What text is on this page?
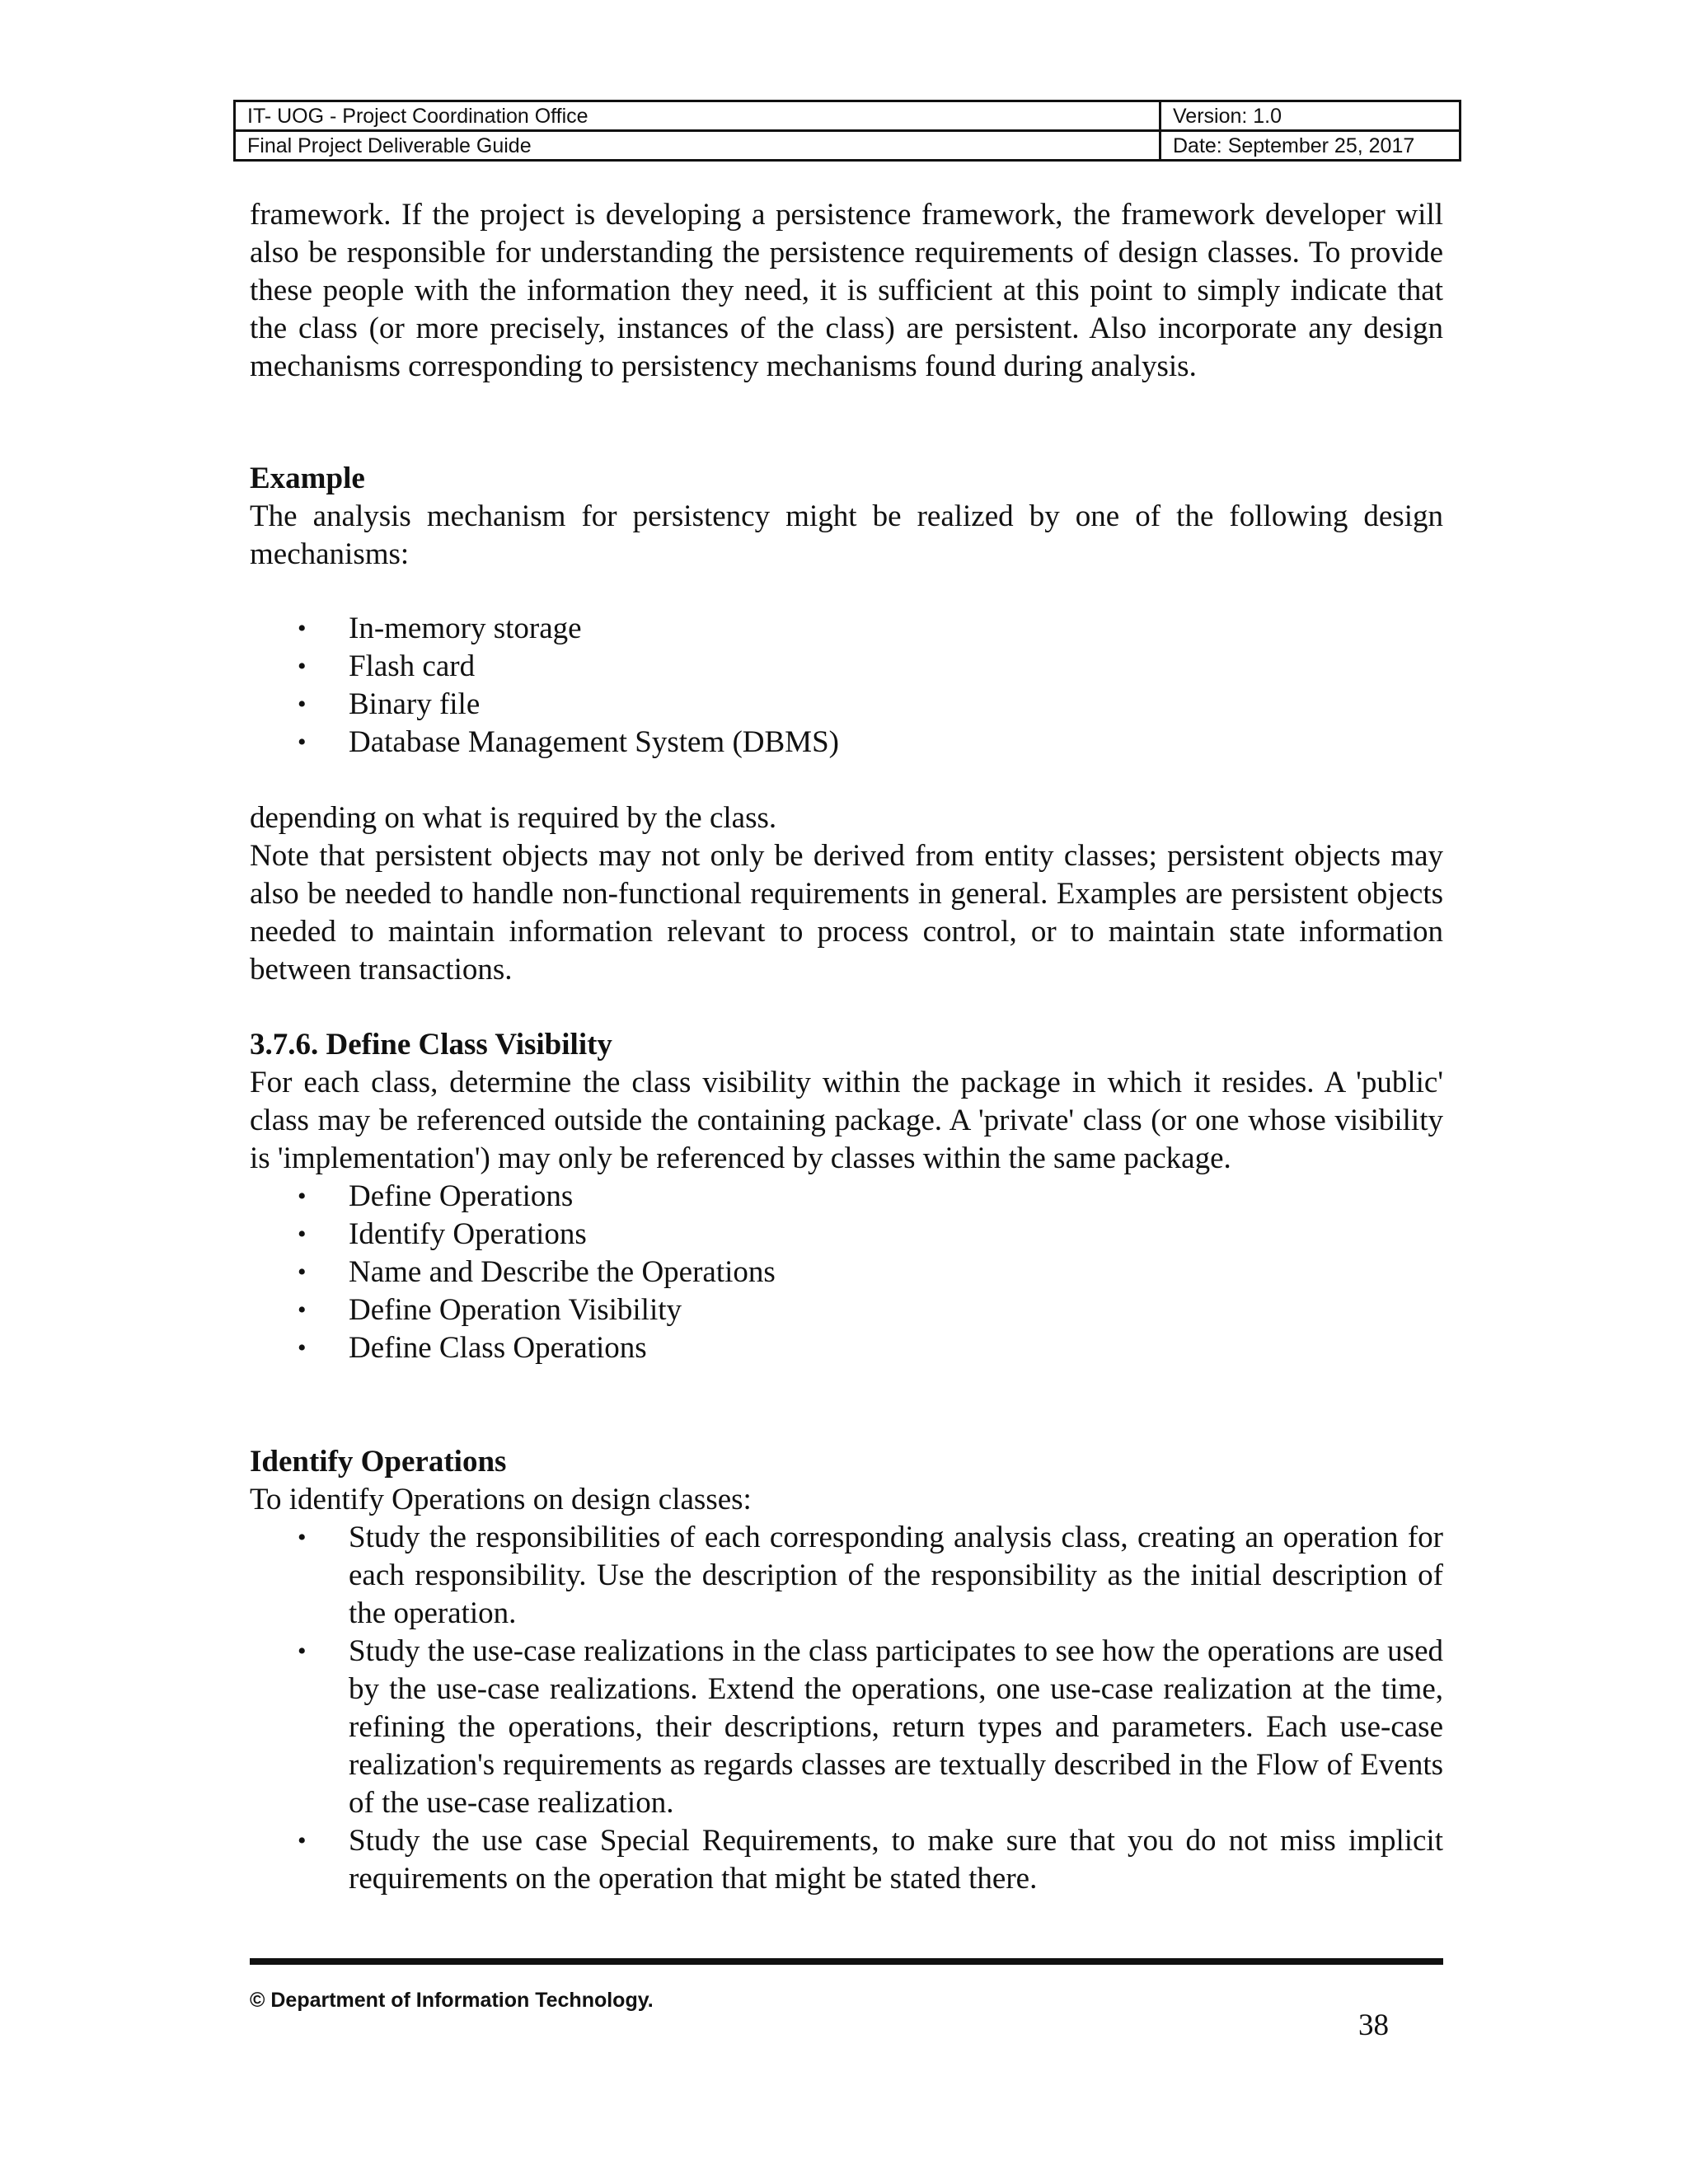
IT- UOG - Project Coordination Office	Version: 1.0
Final Project Deliverable Guide	Date: September 25, 2017

framework. If the project is developing a persistence framework, the framework developer will also be responsible for understanding the persistence requirements of design classes. To provide these people with the information they need, it is sufficient at this point to simply indicate that the class (or more precisely, instances of the class) are persistent. Also incorporate any design mechanisms corresponding to persistency mechanisms found during analysis.

Example

The analysis mechanism for persistency might be realized by one of the following design mechanisms:

• In-memory storage
• Flash card
• Binary file
• Database Management System (DBMS)

depending on what is required by the class.

Note that persistent objects may not only be derived from entity classes; persistent objects may also be needed to handle non-functional requirements in general. Examples are persistent objects needed to maintain information relevant to process control, or to maintain state information between transactions.

3.7.6. Define Class Visibility

For each class, determine the class visibility within the package in which it resides. A 'public' class may be referenced outside the containing package. A 'private' class (or one whose visibility is 'implementation') may only be referenced by classes within the same package.

• Define Operations
• Identify Operations
• Name and Describe the Operations
• Define Operation Visibility
• Define Class Operations

Identify Operations

To identify Operations on design classes:

• Study the responsibilities of each corresponding analysis class, creating an operation for each responsibility. Use the description of the responsibility as the initial description of the operation.
• Study the use-case realizations in the class participates to see how the operations are used by the use-case realizations. Extend the operations, one use-case realization at the time, refining the operations, their descriptions, return types and parameters. Each use-case realization's requirements as regards classes are textually described in the Flow of Events of the use-case realization.
• Study the use case Special Requirements, to make sure that you do not miss implicit requirements on the operation that might be stated there.
© Department of Information Technology.
38
